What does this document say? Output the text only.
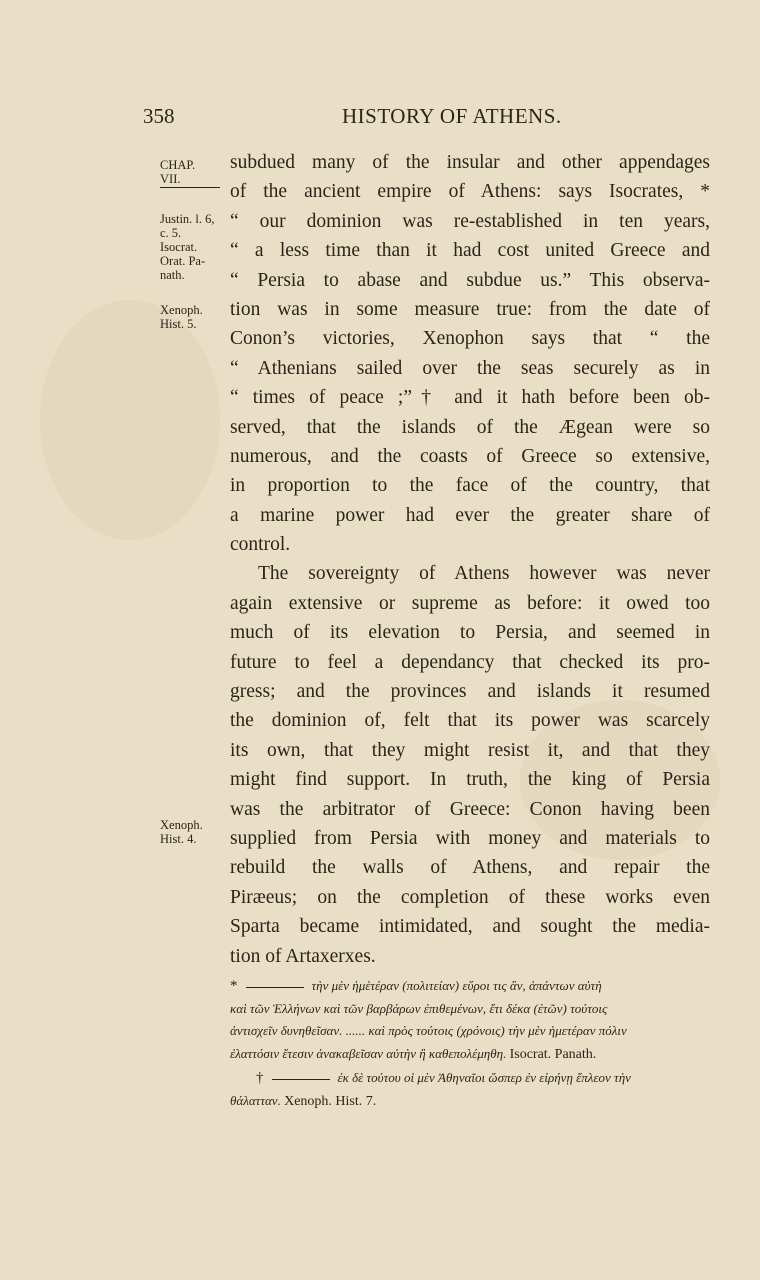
358	HISTORY OF ATHENS.
CHAP.
VII.
Justin. l. 6,
c. 5.
Isocrat.
Orat. Pa-
nath.
Xenoph.
Hist. 5.
Xenoph.
Hist. 4.
subdued many of the insular and other appendages
of the ancient empire of Athens: says Isocrates, *
“ our dominion was re-established in ten years,
“ a less time than it had cost united Greece and
“ Persia to abase and subdue us.” This observa-
tion was in some measure true: from the date of
Conon’s victories, Xenophon says that “ the
“ Athenians sailed over the seas securely as in
“ times of peace ;”† and it hath before been ob-
served, that the islands of the Ægean were so
numerous, and the coasts of Greece so extensive,
in proportion to the face of the country, that
a marine power had ever the greater share of
control.
The sovereignty of Athens however was never
again extensive or supreme as before: it owed too
much of its elevation to Persia, and seemed in
future to feel a dependancy that checked its pro-
gress; and the provinces and islands it resumed
the dominion of, felt that its power was scarcely
its own, that they might resist it, and that they
might find support. In truth, the king of Persia
was the arbitrator of Greece: Conon having been
supplied from Persia with money and materials to
rebuild the walls of Athens, and repair the
Piræeus; on the completion of these works even
Sparta became intimidated, and sought the media-
tion of Artaxerxes.
*	τὴν μὲν ἡμἑτέραν (πολιτείαν) εὕροι τις ἂν, ἁπάντων αὐτὴ
καὶ τῶν Ἑλλήνων καὶ τῶν βαρβάρων ἐπιθεμένων, ἔτι δέκα (ἐτῶν) τούτοις
ἀντισχεῖν δυνηθεῖσαν. ...... καὶ πρὸς τούτοις (χρόνοις) τὴν μὲν ἡμετέραν πόλιν
ἐλαττόσιν ἔτεσιν ἀνακαβεῖσαν αὐτὴν ἢ καθεπολέμηθη. Isocrat. Panath.
†	ἐκ δὲ τούτου οἱ μὲν Ἀθηναῖοι ὥσπερ ἐν εἰρήνῃ ἔπλεον τὴν
θάλατταν. Xenoph. Hist. 7.
